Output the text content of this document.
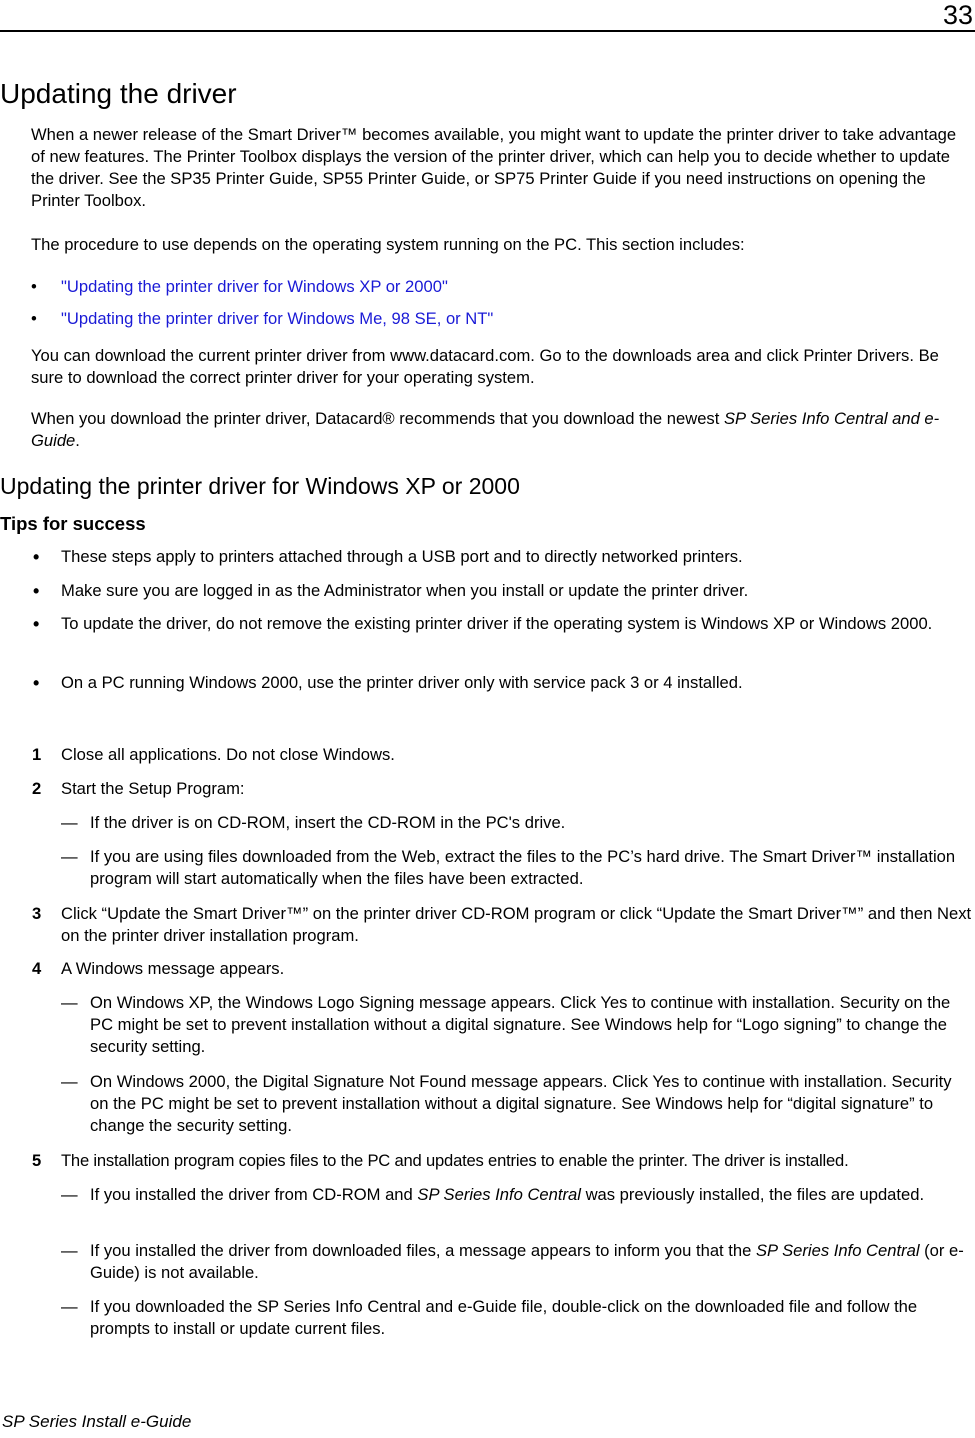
33
Updating the driver
When a newer release of the Smart Driver™ becomes available, you might want to update the printer driver to take advantage of new features. The Printer Toolbox displays the version of the printer driver, which can help you to decide whether to update the driver. See the SP35 Printer Guide, SP55 Printer Guide, or SP75 Printer Guide if you need instructions on opening the Printer Toolbox.
The procedure to use depends on the operating system running on the PC. This section includes:
• "Updating the printer driver for Windows XP or 2000"
• "Updating the printer driver for Windows Me, 98 SE, or NT"
You can download the current printer driver from www.datacard.com. Go to the downloads area and click Printer Drivers. Be sure to download the correct printer driver for your operating system.
When you download the printer driver, Datacard® recommends that you download the newest SP Series Info Central and e-Guide.
Updating the printer driver for Windows XP or 2000
Tips for success
• These steps apply to printers attached through a USB port and to directly networked printers.
• Make sure you are logged in as the Administrator when you install or update the printer driver.
• To update the driver, do not remove the existing printer driver if the operating system is Windows XP or Windows 2000.
• On a PC running Windows 2000, use the printer driver only with service pack 3 or 4 installed.
1 Close all applications. Do not close Windows.
2 Start the Setup Program:
— If the driver is on CD-ROM, insert the CD-ROM in the PC's drive.
— If you are using files downloaded from the Web, extract the files to the PC’s hard drive. The Smart Driver™ installation program will start automatically when the files have been extracted.
3 Click “Update the Smart Driver™” on the printer driver CD-ROM program or click “Update the Smart Driver™” and then Next on the printer driver installation program.
4 A Windows message appears.
— On Windows XP, the Windows Logo Signing message appears. Click Yes to continue with installation. Security on the PC might be set to prevent installation without a digital signature. See Windows help for “Logo signing” to change the security setting.
— On Windows 2000, the Digital Signature Not Found message appears. Click Yes to continue with installation. Security on the PC might be set to prevent installation without a digital signature. See Windows help for “digital signature” to change the security setting.
5 The installation program copies files to the PC and updates entries to enable the printer. The driver is installed.
— If you installed the driver from CD-ROM and SP Series Info Central was previously installed, the files are updated.
— If you installed the driver from downloaded files, a message appears to inform you that the SP Series Info Central (or e-Guide) is not available.
— If you downloaded the SP Series Info Central and e-Guide file, double-click on the downloaded file and follow the prompts to install or update current files.
SP Series Install e-Guide
